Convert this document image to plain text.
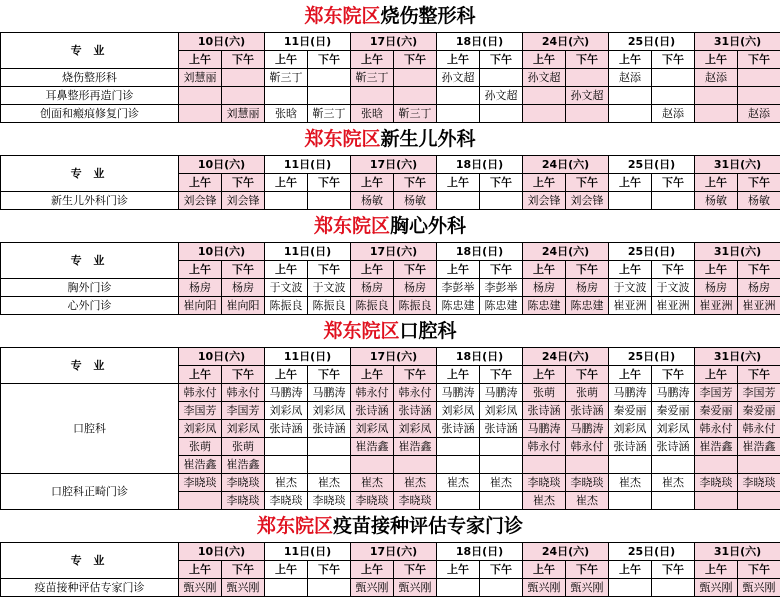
郑东院区烧伤整形科
专 业	10日(六)		11日(日)		17日(六)		18日(日)		24日(六)		25日(日)		31日(六)	
	上午	下午	上午	下午	上午	下午	上午	下午	上午	下午	上午	下午	上午	下午
烧伤整形科	刘慧丽		靳三丁		靳三丁		孙文超		孙文超		赵添		赵添	
耳鼻整形再造门诊								孙文超		孙文超				
创面和瘢痕修复门诊		刘慧丽	张晗	靳三丁	张晗	靳三丁						赵添		赵添
郑东院区新生儿外科
专 业	10日(六)		11日(日)		17日(六)		18日(日)		24日(六)		25日(日)		31日(六)	
	上午	下午	上午	下午	上午	下午	上午	下午	上午	下午	上午	下午	上午	下午
新生儿外科门诊	刘会锋	刘会锋			杨敏	杨敏			刘会锋	刘会锋			杨敏	杨敏
郑东院区胸心外科
专 业	10日(六)		11日(日)		17日(六)		18日(日)		24日(六)		25日(日)		31日(六)	
	上午	下午	上午	下午	上午	下午	上午	下午	上午	下午	上午	下午	上午	下午
胸外门诊	杨房	杨房	于文波	于文波	杨房	杨房	李彭举	李彭举	杨房	杨房	于文波	于文波	杨房	杨房
心外门诊	崔向阳	崔向阳	陈振良	陈振良	陈振良	陈振良	陈忠建	陈忠建	陈忠建	陈忠建	崔亚洲	崔亚洲	崔亚洲	崔亚洲
郑东院区口腔科
专 业	10日(六)		11日(日)		17日(六)		18日(日)		24日(六)		25日(日)		31日(六)	
	上午	下午	上午	下午	上午	下午	上午	下午	上午	下午	上午	下午	上午	下午
口腔科	韩永付	韩永付	马鹏涛	马鹏涛	韩永付	韩永付	马鹏涛	马鹏涛	张萌	张萌	马鹏涛	马鹏涛	李国芳	李国芳
	李国芳	李国芳	刘彩凤	刘彩凤	张诗涵	张诗涵	刘彩凤	刘彩凤	张诗涵	张诗涵	秦爱丽	秦爱丽	秦爱丽	秦爱丽
	刘彩凤	刘彩凤	张诗涵	张诗涵	刘彩凤	刘彩凤	张诗涵	张诗涵	马鹏涛	马鹏涛	刘彩凤	刘彩凤	韩永付	韩永付
	张萌	张萌			崔浩鑫	崔浩鑫			韩永付	韩永付	张诗涵	张诗涵	崔浩鑫	崔浩鑫
	崔浩鑫	崔浩鑫												
口腔科正畸门诊	李晓琰	李晓琰	崔杰	崔杰	崔杰	崔杰	崔杰	崔杰	李晓琰	李晓琰	崔杰	崔杰	李晓琰	李晓琰
		李晓琰	李晓琰	李晓琰	李晓琰	李晓琰			崔杰	崔杰				
郑东院区疫苗接种评估专家门诊
专 业	10日(六)		11日(日)		17日(六)		18日(日)		24日(六)		25日(日)		31日(六)	
	上午	下午	上午	下午	上午	下午	上午	下午	上午	下午	上午	下午	上午	下午
疫苗接种评估专家门诊	甄兴刚	甄兴刚			甄兴刚	甄兴刚			甄兴刚	甄兴刚			甄兴刚	甄兴刚
